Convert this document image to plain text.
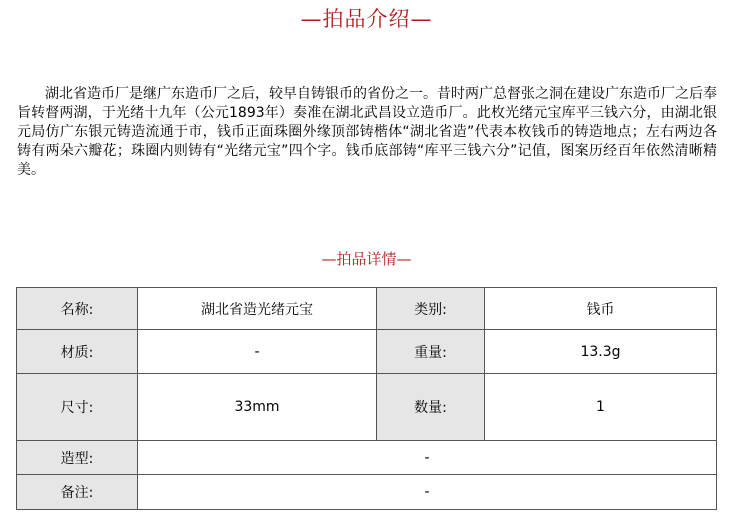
—拍品介绍—

湖北省造币厂是继广东造币厂之后，较早自铸银币的省份之一。昔时两广总督张之洞在建设广东造币厂之后奉旨转督两湖，于光绪十九年（公元1893年）奏准在湖北武昌设立造币厂。此枚光绪元宝库平三钱六分，由湖北银元局仿广东银元铸造流通于市，钱币正面珠圈外缘顶部铸楷体“湖北省造”代表本枚钱币的铸造地点；左右两边各铸有两朵六瓣花；珠圈内则铸有“光绪元宝”四个字。钱币底部铸“库平三钱六分”记值，图案历经百年依然清晰精美。

—拍品详情—
名称:	湖北省造光绪元宝	类别:	钱币
材质:	-	重量:	13.3g
尺寸:	33mm	数量:	1
造型:	-		
备注:	-		
